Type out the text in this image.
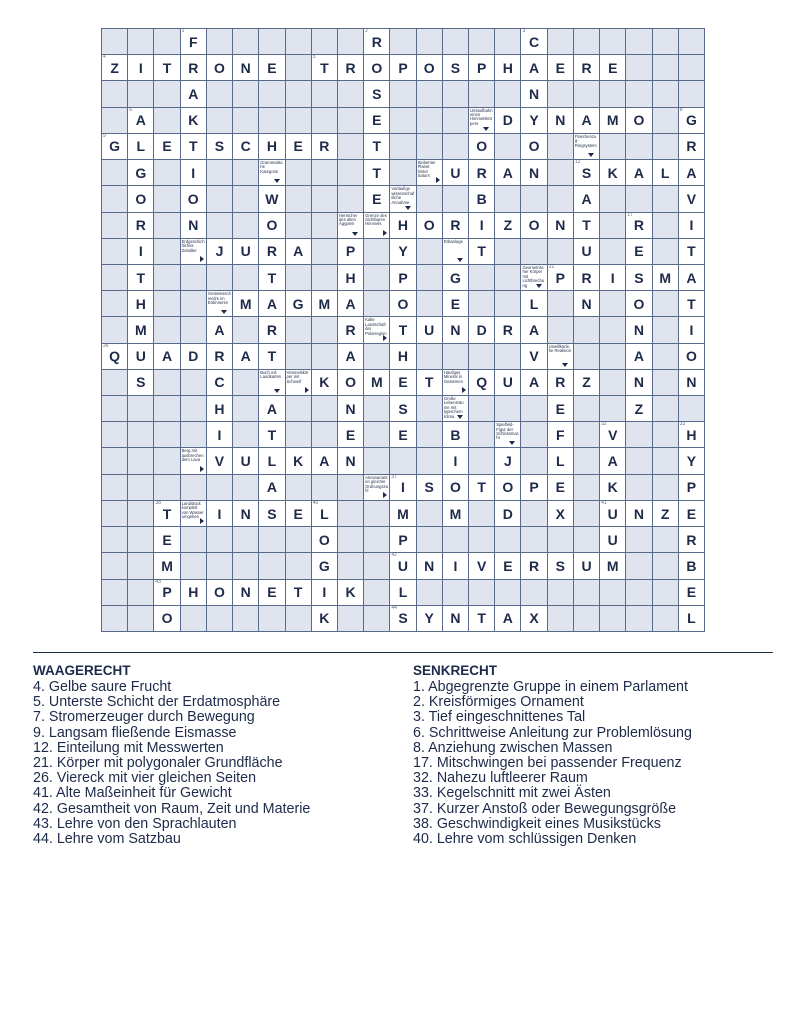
1
F
2
R
3
C
4
Z	I	T	R	O	N	E
5
T	R	O	P	O	S	P	H	A	E	R	E
A	S	N
6
A	K	E
Umlaufbahn eines Himmelskörpers	D	Y	N	A	M	O
8
G
9
G	L	E	T	S	C	H	E	R	T	O	O
Flaschenzug-Ringsystem	R
G	I
Grammatische Kategorie	T
Siebenter Planet hinter Saturn	U	R	A	N
12
S	K	A	L	A
O	O	W	E
Vorläufige wissenschaftliche Annahme	B	A	V
R	N	O
Herrscher des alten Ägypten
Grenze des Sichtbaren Himmels	H	O	R	I	Z	O	N	T
17
R	I
I
Erdgeschichtliches Zeitalter	J	U	R	A	P	Y
Erbanlage
T	U	E	T
T	T	H	P	G
Geometrischer Körper mit Lichtbrechung
21
P	R	I	S	M	A
H
Gesteinsschmelze im Erdinneren M	A	G	M	A	O	E	L	N	O	T
M	A	R	R
Kalte Landschaft der Polarregion T	U	N	D	R	A	N	I
26
Q	U	A	D	R	A	T	A	H	V
Unwillkürliche Reaktion	A	O
S	C
Buch mit Landkarten
Himmelskörper mit Schweif	K	O	M	E	T
Häufiges Mineral in Gesteinen Q	U	A	R	Z	N	N
H	A	N	S
Große Lebensräume mit typischem Klima	E	Z
I	T	E	E	B
Spielfeld-Figur der Schlossmacht	F
32
V
33
H
Berg mit ausbrechendem Lava	V	U	L	K	A	N	I	J	L	A	Y
A
Atomvarianten gleicher Ordnungszahl
37
I	S	O	T	O	P	E	K	P
38
T
Landstück komplett von Wasser umgeben	I	N	S	E
40
L	M	M	D	X
41
U	N	Z	E
E	O	P	U	R
M	G
42
U	N	I	V	E	R	S	U	M	B
43
P	H	O	N	E	T	I	K	L	E
O	K
44
S	Y	N	T	A	X	L
WAAGERECHT
4. Gelbe saure Frucht
5. Unterste Schicht der Erdatmosphäre
7. Stromerzeuger durch Bewegung
9. Langsam fließende Eismasse
12. Einteilung mit Messwerten
21. Körper mit polygonaler Grundfläche
26. Viereck mit vier gleichen Seiten
41. Alte Maßeinheit für Gewicht
42. Gesamtheit von Raum, Zeit und Materie
43. Lehre von den Sprachlauten
44. Lehre vom Satzbau
SENKRECHT
1. Abgegrenzte Gruppe in einem Parlament
2. Kreisförmiges Ornament
3. Tief eingeschnittenes Tal
6. Schrittweise Anleitung zur Problemlösung
8. Anziehung zwischen Massen
17. Mitschwingen bei passender Frequenz
32. Nahezu luftleerer Raum
33. Kegelschnitt mit zwei Ästen
37. Kurzer Anstoß oder Bewegungsgröße
38. Geschwindigkeit eines Musikstücks
40. Lehre vom schlüssigen Denken
